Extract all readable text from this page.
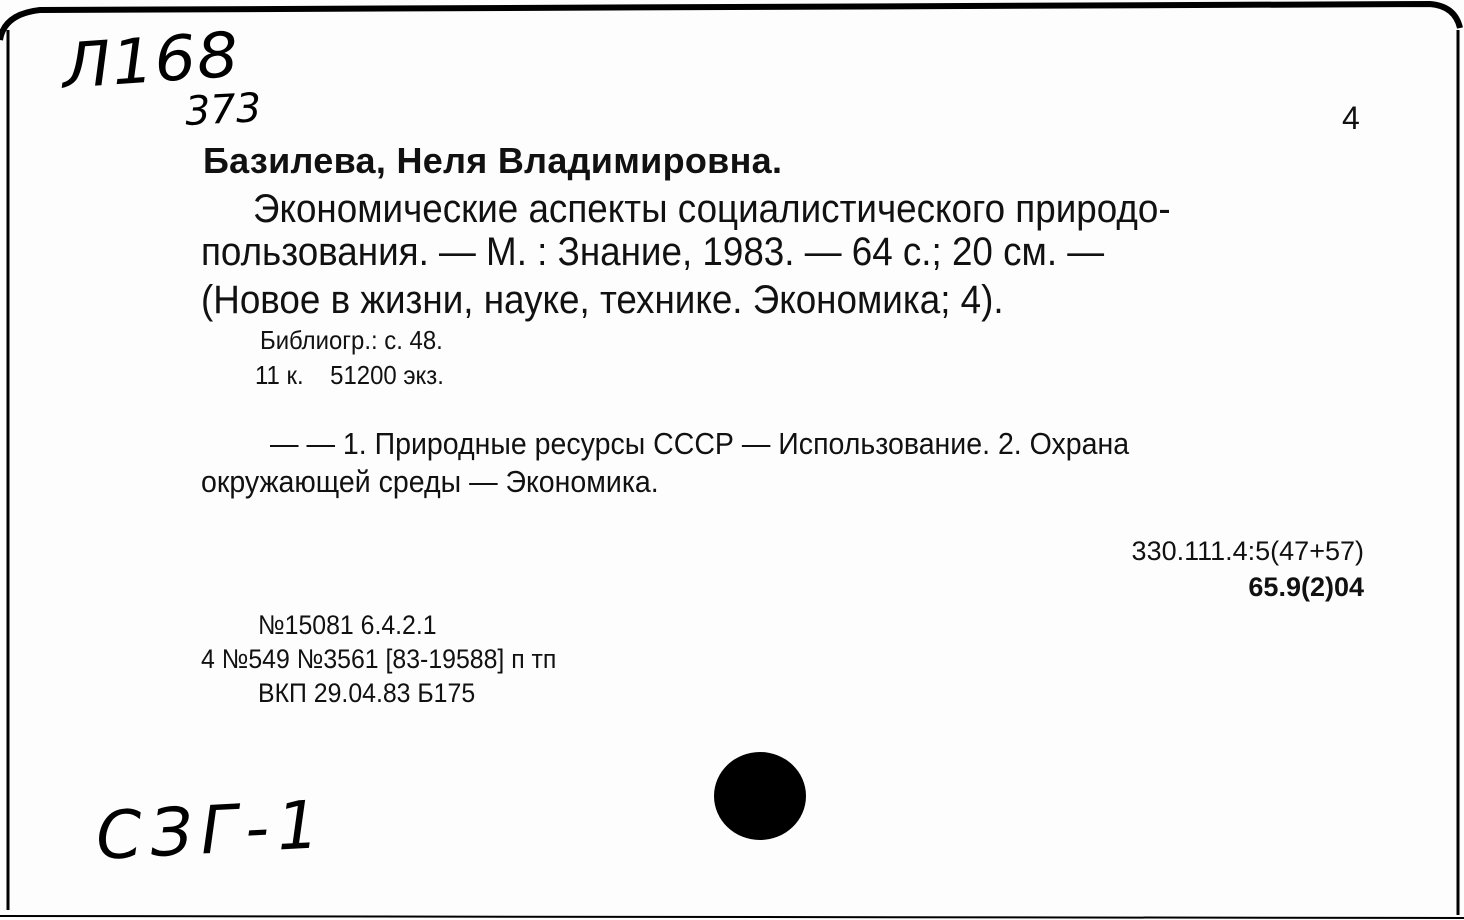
Л168
373	4
Базилева, Неля Владимировна.
Экономические аспекты социалистического природо-
пользования. — М. : Знание, 1983. — 64 с.; 20 см. —
(Новое в жизни, науке, технике. Экономика; 4).
Библиогр.: с. 48.
11 к.    51200 экз.
— — 1. Природные ресурсы СССР — Использование. 2. Охрана
окружающей среды — Экономика.
330.111.4:5(47+57)
65.9(2)04
№15081 6.4.2.1
4 №549 №3561 [83-19588] п тп
ВКП 29.04.83 Б175
СЗГ-1
